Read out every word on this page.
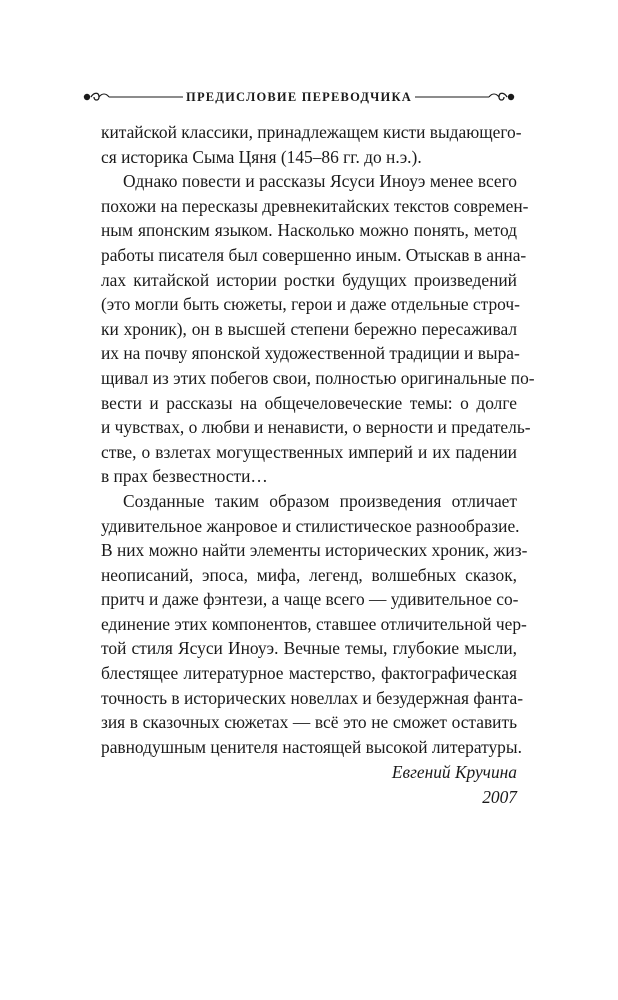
ПРЕДИСЛОВИЕ ПЕРЕВОДЧИКА
китайской классики, принадлежащем кисти выдающего-
ся историка Сыма Цяня (145–86 гг. до н.э.).
Однако повести и рассказы Ясуси Иноуэ менее всего
похожи на пересказы древнекитайских текстов современ-
ным японским языком. Насколько можно понять, метод
работы писателя был совершенно иным. Отыскав в анна-
лах китайской истории ростки будущих произведений
(это могли быть сюжеты, герои и даже отдельные строч-
ки хроник), он в высшей степени бережно пересаживал
их на почву японской художественной традиции и выра-
щивал из этих побегов свои, полностью оригинальные по-
вести и рассказы на общечеловеческие темы: о долге
и чувствах, о любви и ненависти, о верности и предатель-
стве, о взлетах могущественных империй и их падении
в прах безвестности…
Созданные таким образом произведения отличает
удивительное жанровое и стилистическое разнообразие.
В них можно найти элементы исторических хроник, жиз-
неописаний, эпоса, мифа, легенд, волшебных сказок,
притч и даже фэнтези, а чаще всего — удивительное со-
единение этих компонентов, ставшее отличительной чер-
той стиля Ясуси Иноуэ. Вечные темы, глубокие мысли,
блестящее литературное мастерство, фактографическая
точность в исторических новеллах и безудержная фанта-
зия в сказочных сюжетах — всё это не сможет оставить
равнодушным ценителя настоящей высокой литературы.
Евгений Кручина
2007
